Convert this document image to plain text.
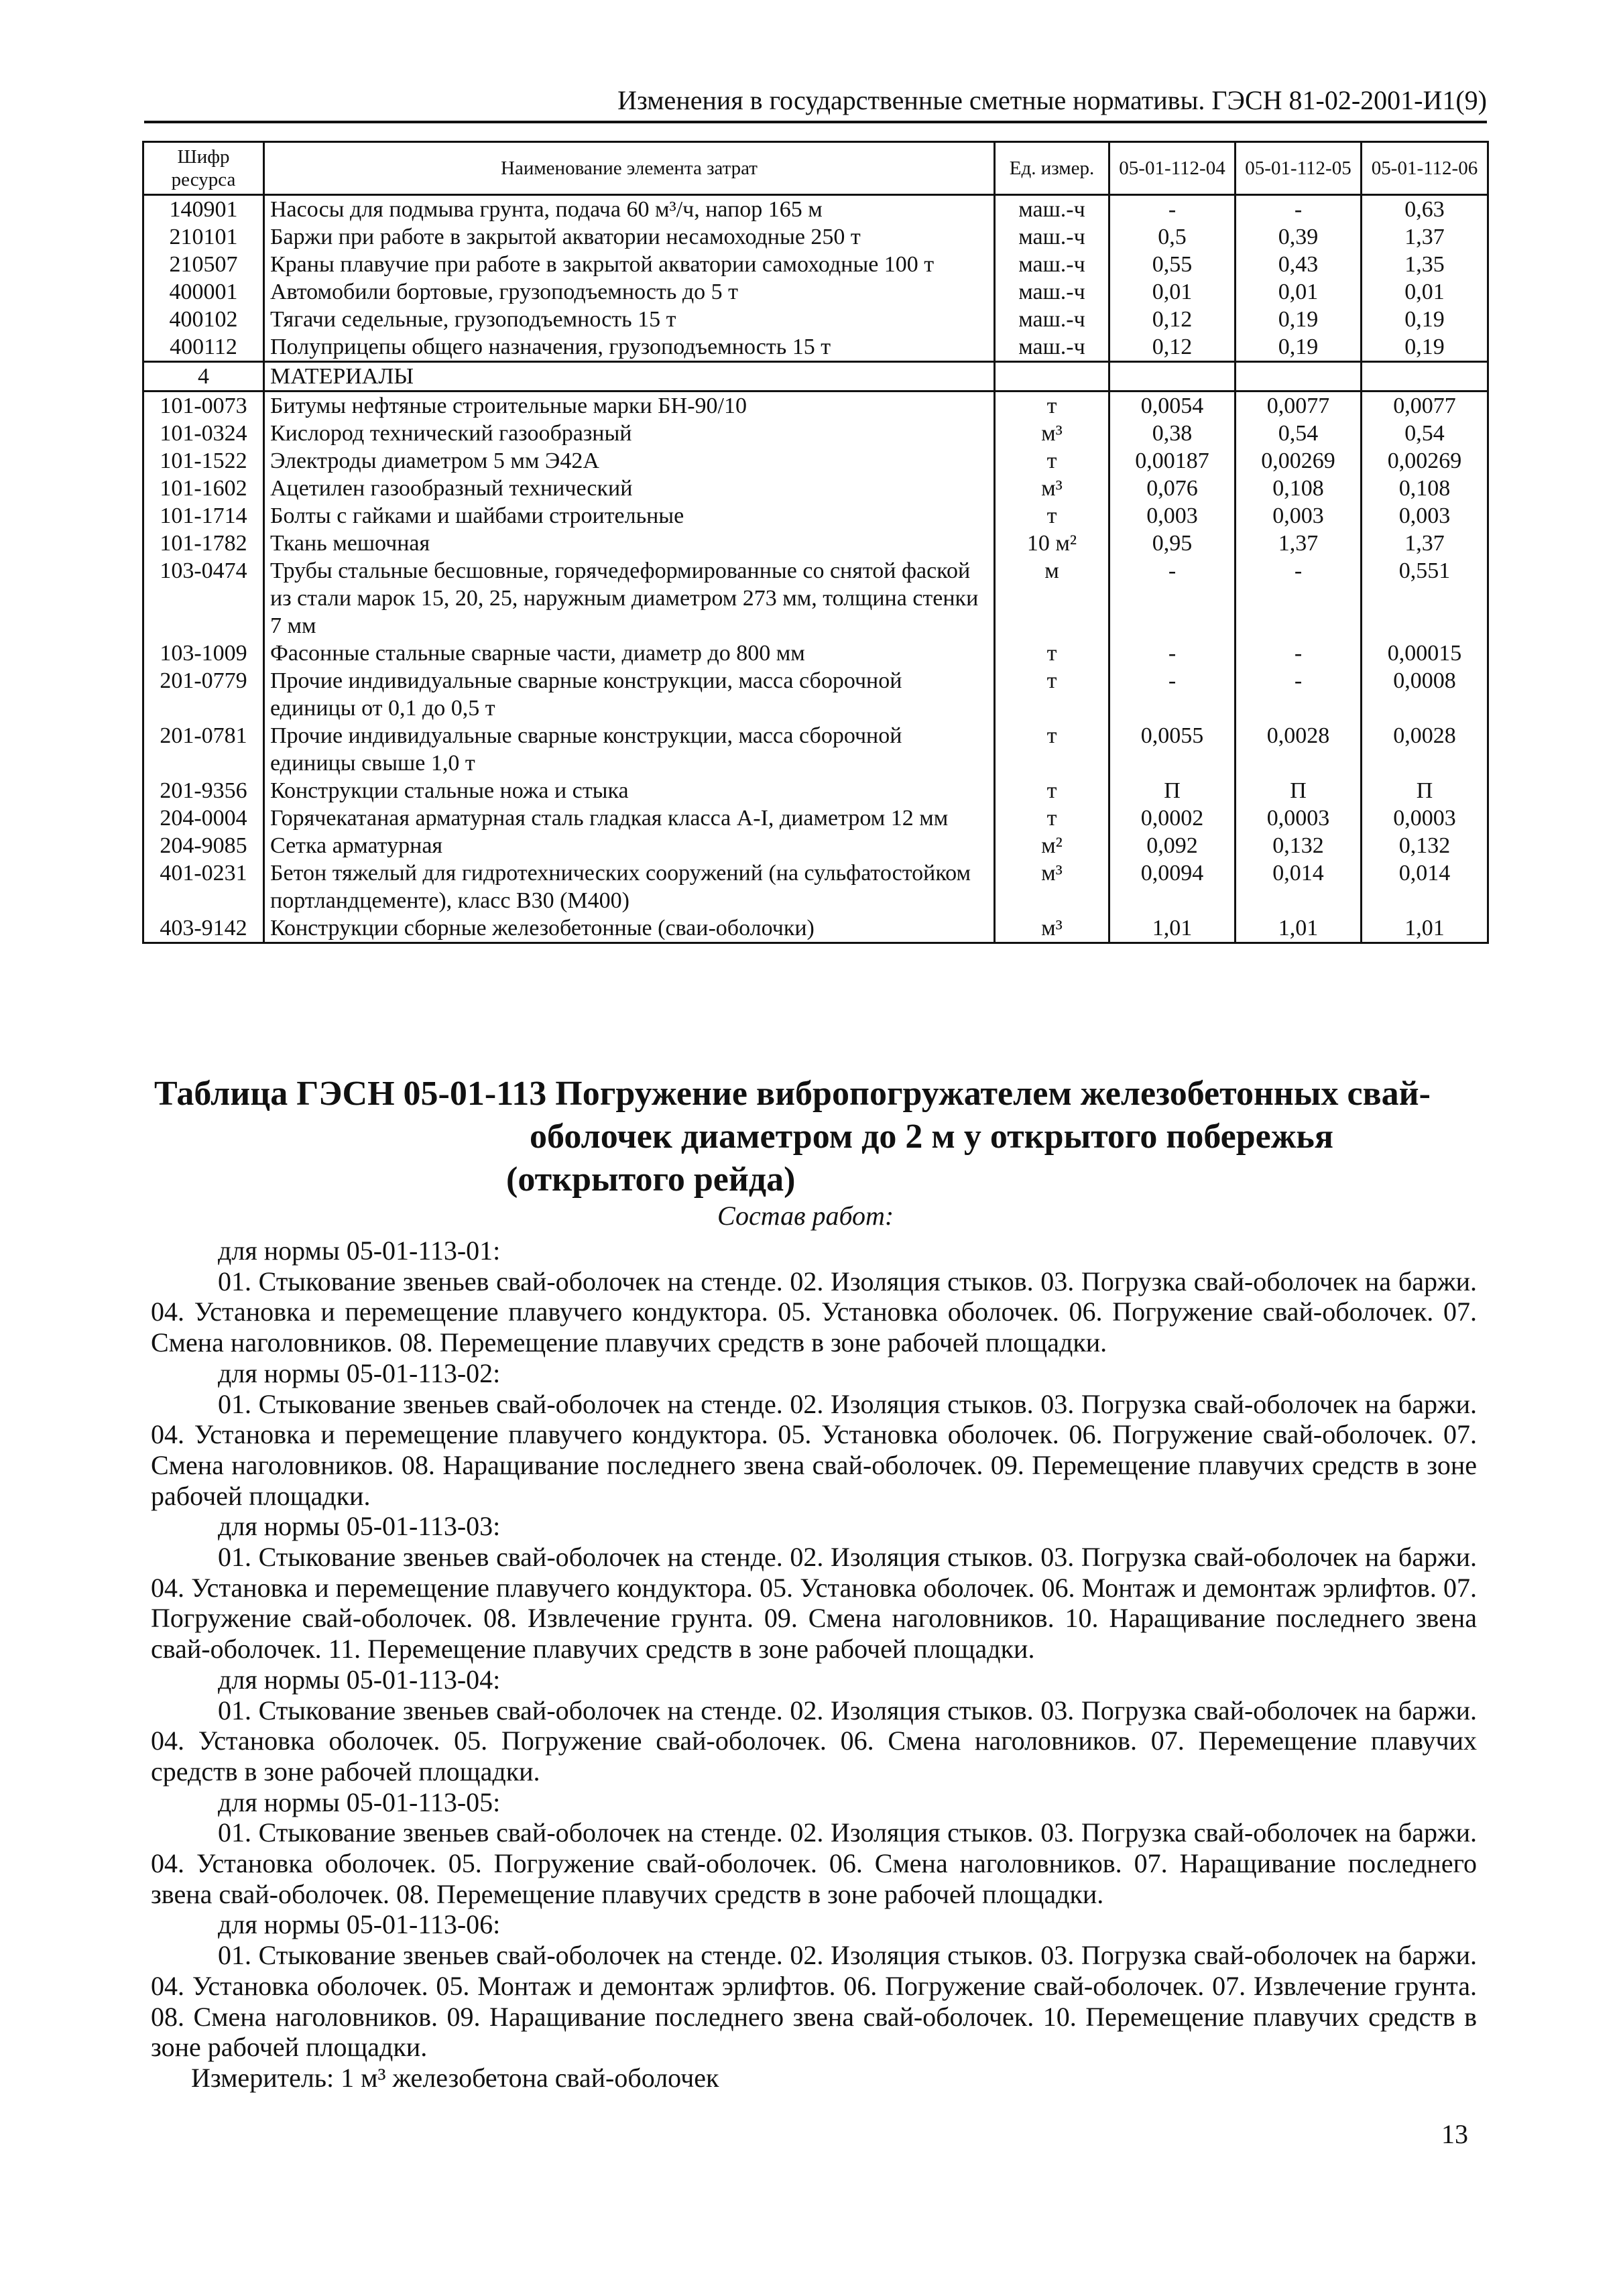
Изменения в государственные сметные нормативы. ГЭСН 81-02-2001-И1(9)
Шифр ресурса	Наименование элемента затрат	Ед. измер.	05-01-112-04	05-01-112-05	05-01-112-06
140901	Насосы для подмыва грунта, подача 60 м³/ч, напор 165 м	маш.-ч	-	-	0,63
210101	Баржи при работе в закрытой акватории несамоходные 250 т	маш.-ч	0,5	0,39	1,37
210507	Краны плавучие при работе в закрытой акватории самоходные 100 т	маш.-ч	0,55	0,43	1,35
400001	Автомобили бортовые, грузоподъемность до 5 т	маш.-ч	0,01	0,01	0,01
400102	Тягачи седельные, грузоподъемность 15 т	маш.-ч	0,12	0,19	0,19
400112	Полуприцепы общего назначения, грузоподъемность 15 т	маш.-ч	0,12	0,19	0,19
4	МАТЕРИАЛЫ				
101-0073	Битумы нефтяные строительные марки БН-90/10	т	0,0054	0,0077	0,0077
101-0324	Кислород технический газообразный	м³	0,38	0,54	0,54
101-1522	Электроды диаметром 5 мм Э42А	т	0,00187	0,00269	0,00269
101-1602	Ацетилен газообразный технический	м³	0,076	0,108	0,108
101-1714	Болты с гайками и шайбами строительные	т	0,003	0,003	0,003
101-1782	Ткань мешочная	10 м²	0,95	1,37	1,37
103-0474	Трубы стальные бесшовные, горячедеформированные со снятой фаской из стали марок 15, 20, 25, наружным диаметром 273 мм, толщина стенки 7 мм	м	-	-	0,551
103-1009	Фасонные стальные сварные части, диаметр до 800 мм	т	-	-	0,00015
201-0779	Прочие индивидуальные сварные конструкции, масса сборочной единицы от 0,1 до 0,5 т	т	-	-	0,0008
201-0781	Прочие индивидуальные сварные конструкции, масса сборочной единицы свыше 1,0 т	т	0,0055	0,0028	0,0028
201-9356	Конструкции стальные ножа и стыка	т	П	П	П
204-0004	Горячекатаная арматурная сталь гладкая класса А-I, диаметром 12 мм	т	0,0002	0,0003	0,0003
204-9085	Сетка арматурная	м²	0,092	0,132	0,132
401-0231	Бетон тяжелый для гидротехнических сооружений (на сульфатостойком портландцементе), класс В30 (М400)	м³	0,0094	0,014	0,014
403-9142	Конструкции сборные железобетонные (сваи-оболочки)	м³	1,01	1,01	1,01
Таблица ГЭСН 05-01-113 Погружение вибропогружателем железобетонных свай-
оболочек диаметром до 2 м у открытого побережья
(открытого рейда)
Состав работ:
для нормы 05-01-113-01:
01. Стыкование звеньев свай-оболочек на стенде. 02. Изоляция стыков. 03. Погрузка свай-оболочек на баржи. 04. Установка и перемещение плавучего кондуктора. 05. Установка оболочек. 06. Погружение свай-оболочек. 07. Смена наголовников. 08. Перемещение плавучих средств в зоне рабочей площадки.
для нормы 05-01-113-02:
01. Стыкование звеньев свай-оболочек на стенде. 02. Изоляция стыков. 03. Погрузка свай-оболочек на баржи. 04. Установка и перемещение плавучего кондуктора. 05. Установка оболочек. 06. Погружение свай-оболочек. 07. Смена наголовников. 08. Наращивание последнего звена свай-оболочек. 09. Перемещение плавучих средств в зоне рабочей площадки.
для нормы 05-01-113-03:
01. Стыкование звеньев свай-оболочек на стенде. 02. Изоляция стыков. 03. Погрузка свай-оболочек на баржи. 04. Установка и перемещение плавучего кондуктора. 05. Установка оболочек. 06. Монтаж и демонтаж эрлифтов. 07. Погружение свай-оболочек. 08. Извлечение грунта. 09. Смена наголовников. 10. Наращивание последнего звена свай-оболочек. 11. Перемещение плавучих средств в зоне рабочей площадки.
для нормы 05-01-113-04:
01. Стыкование звеньев свай-оболочек на стенде. 02. Изоляция стыков. 03. Погрузка свай-оболочек на баржи. 04. Установка оболочек. 05. Погружение свай-оболочек. 06. Смена наголовников. 07. Перемещение плавучих средств в зоне рабочей площадки.
для нормы 05-01-113-05:
01. Стыкование звеньев свай-оболочек на стенде. 02. Изоляция стыков. 03. Погрузка свай-оболочек на баржи. 04. Установка оболочек. 05. Погружение свай-оболочек. 06. Смена наголовников. 07. Наращивание последнего звена свай-оболочек. 08. Перемещение плавучих средств в зоне рабочей площадки.
для нормы 05-01-113-06:
01. Стыкование звеньев свай-оболочек на стенде. 02. Изоляция стыков. 03. Погрузка свай-оболочек на баржи. 04. Установка оболочек. 05. Монтаж и демонтаж эрлифтов. 06. Погружение свай-оболочек. 07. Извлечение грунта. 08. Смена наголовников. 09. Наращивание последнего звена свай-оболочек. 10. Перемещение плавучих средств в зоне рабочей площадки.
Измеритель: 1 м³ железобетона свай-оболочек
13
